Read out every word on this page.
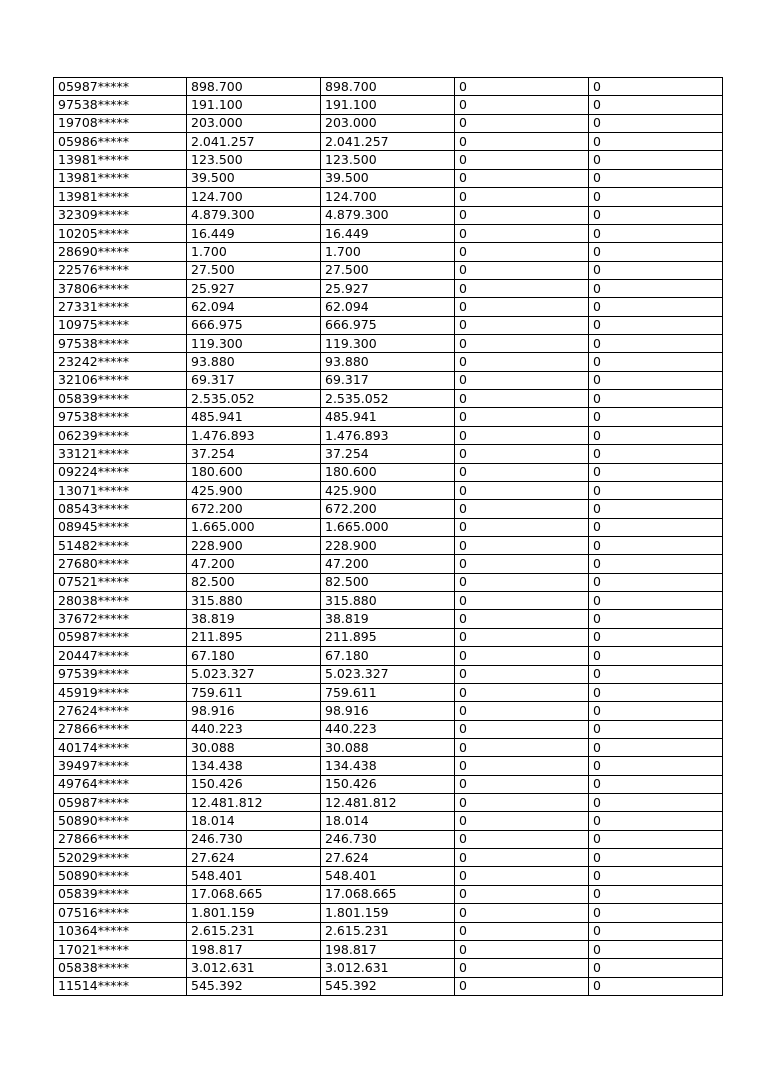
05987*****	898.700	898.700	0	0
97538*****	191.100	191.100	0	0
19708*****	203.000	203.000	0	0
05986*****	2.041.257	2.041.257	0	0
13981*****	123.500	123.500	0	0
13981*****	39.500	39.500	0	0
13981*****	124.700	124.700	0	0
32309*****	4.879.300	4.879.300	0	0
10205*****	16.449	16.449	0	0
28690*****	1.700	1.700	0	0
22576*****	27.500	27.500	0	0
37806*****	25.927	25.927	0	0
27331*****	62.094	62.094	0	0
10975*****	666.975	666.975	0	0
97538*****	119.300	119.300	0	0
23242*****	93.880	93.880	0	0
32106*****	69.317	69.317	0	0
05839*****	2.535.052	2.535.052	0	0
97538*****	485.941	485.941	0	0
06239*****	1.476.893	1.476.893	0	0
33121*****	37.254	37.254	0	0
09224*****	180.600	180.600	0	0
13071*****	425.900	425.900	0	0
08543*****	672.200	672.200	0	0
08945*****	1.665.000	1.665.000	0	0
51482*****	228.900	228.900	0	0
27680*****	47.200	47.200	0	0
07521*****	82.500	82.500	0	0
28038*****	315.880	315.880	0	0
37672*****	38.819	38.819	0	0
05987*****	211.895	211.895	0	0
20447*****	67.180	67.180	0	0
97539*****	5.023.327	5.023.327	0	0
45919*****	759.611	759.611	0	0
27624*****	98.916	98.916	0	0
27866*****	440.223	440.223	0	0
40174*****	30.088	30.088	0	0
39497*****	134.438	134.438	0	0
49764*****	150.426	150.426	0	0
05987*****	12.481.812	12.481.812	0	0
50890*****	18.014	18.014	0	0
27866*****	246.730	246.730	0	0
52029*****	27.624	27.624	0	0
50890*****	548.401	548.401	0	0
05839*****	17.068.665	17.068.665	0	0
07516*****	1.801.159	1.801.159	0	0
10364*****	2.615.231	2.615.231	0	0
17021*****	198.817	198.817	0	0
05838*****	3.012.631	3.012.631	0	0
11514*****	545.392	545.392	0	0
